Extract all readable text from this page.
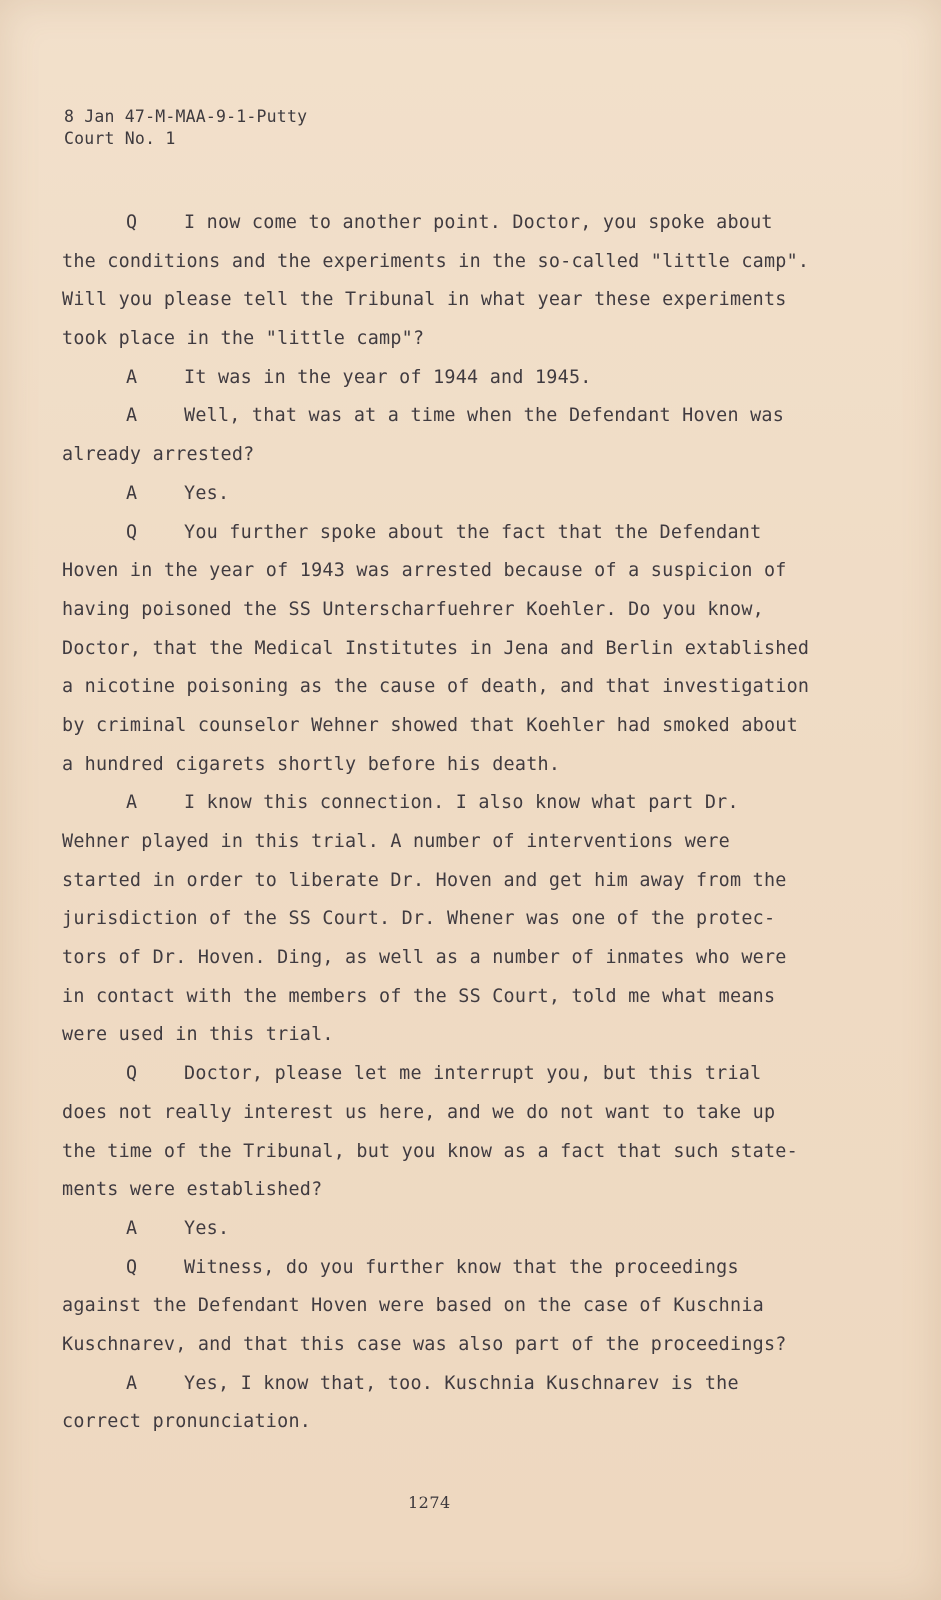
8 Jan 47-M-MAA-9-1-Putty
Court No. 1
Q	I now come to another point. Doctor, you spoke about
the conditions and the experiments in the so-called "little camp".
Will you please tell the Tribunal in what year these experiments
took place in the "little camp"?
A	It was in the year of 1944 and 1945.
A	Well, that was at a time when the Defendant Hoven was
already arrested?
A	Yes.
Q	You further spoke about the fact that the Defendant
Hoven in the year of 1943 was arrested because of a suspicion of
having poisoned the SS Unterscharfuehrer Koehler. Do you know,
Doctor, that the Medical Institutes in Jena and Berlin extablished
a nicotine poisoning as the cause of death, and that investigation
by criminal counselor Wehner showed that Koehler had smoked about
a hundred cigarets shortly before his death.
A	I know this connection. I also know what part Dr.
Wehner played in this trial. A number of interventions were
started in order to liberate Dr. Hoven and get him away from the
jurisdiction of the SS Court. Dr. Whener was one of the protec-
tors of Dr. Hoven. Ding, as well as a number of inmates who were
in contact with the members of the SS Court, told me what means
were used in this trial.
Q	Doctor, please let me interrupt you, but this trial
does not really interest us here, and we do not want to take up
the time of the Tribunal, but you know as a fact that such state-
ments were established?
A	Yes.
Q	Witness, do you further know that the proceedings
against the Defendant Hoven were based on the case of Kuschnia
Kuschnarev, and that this case was also part of the proceedings?
A	Yes, I know that, too. Kuschnia Kuschnarev is the
correct pronunciation.
1274
